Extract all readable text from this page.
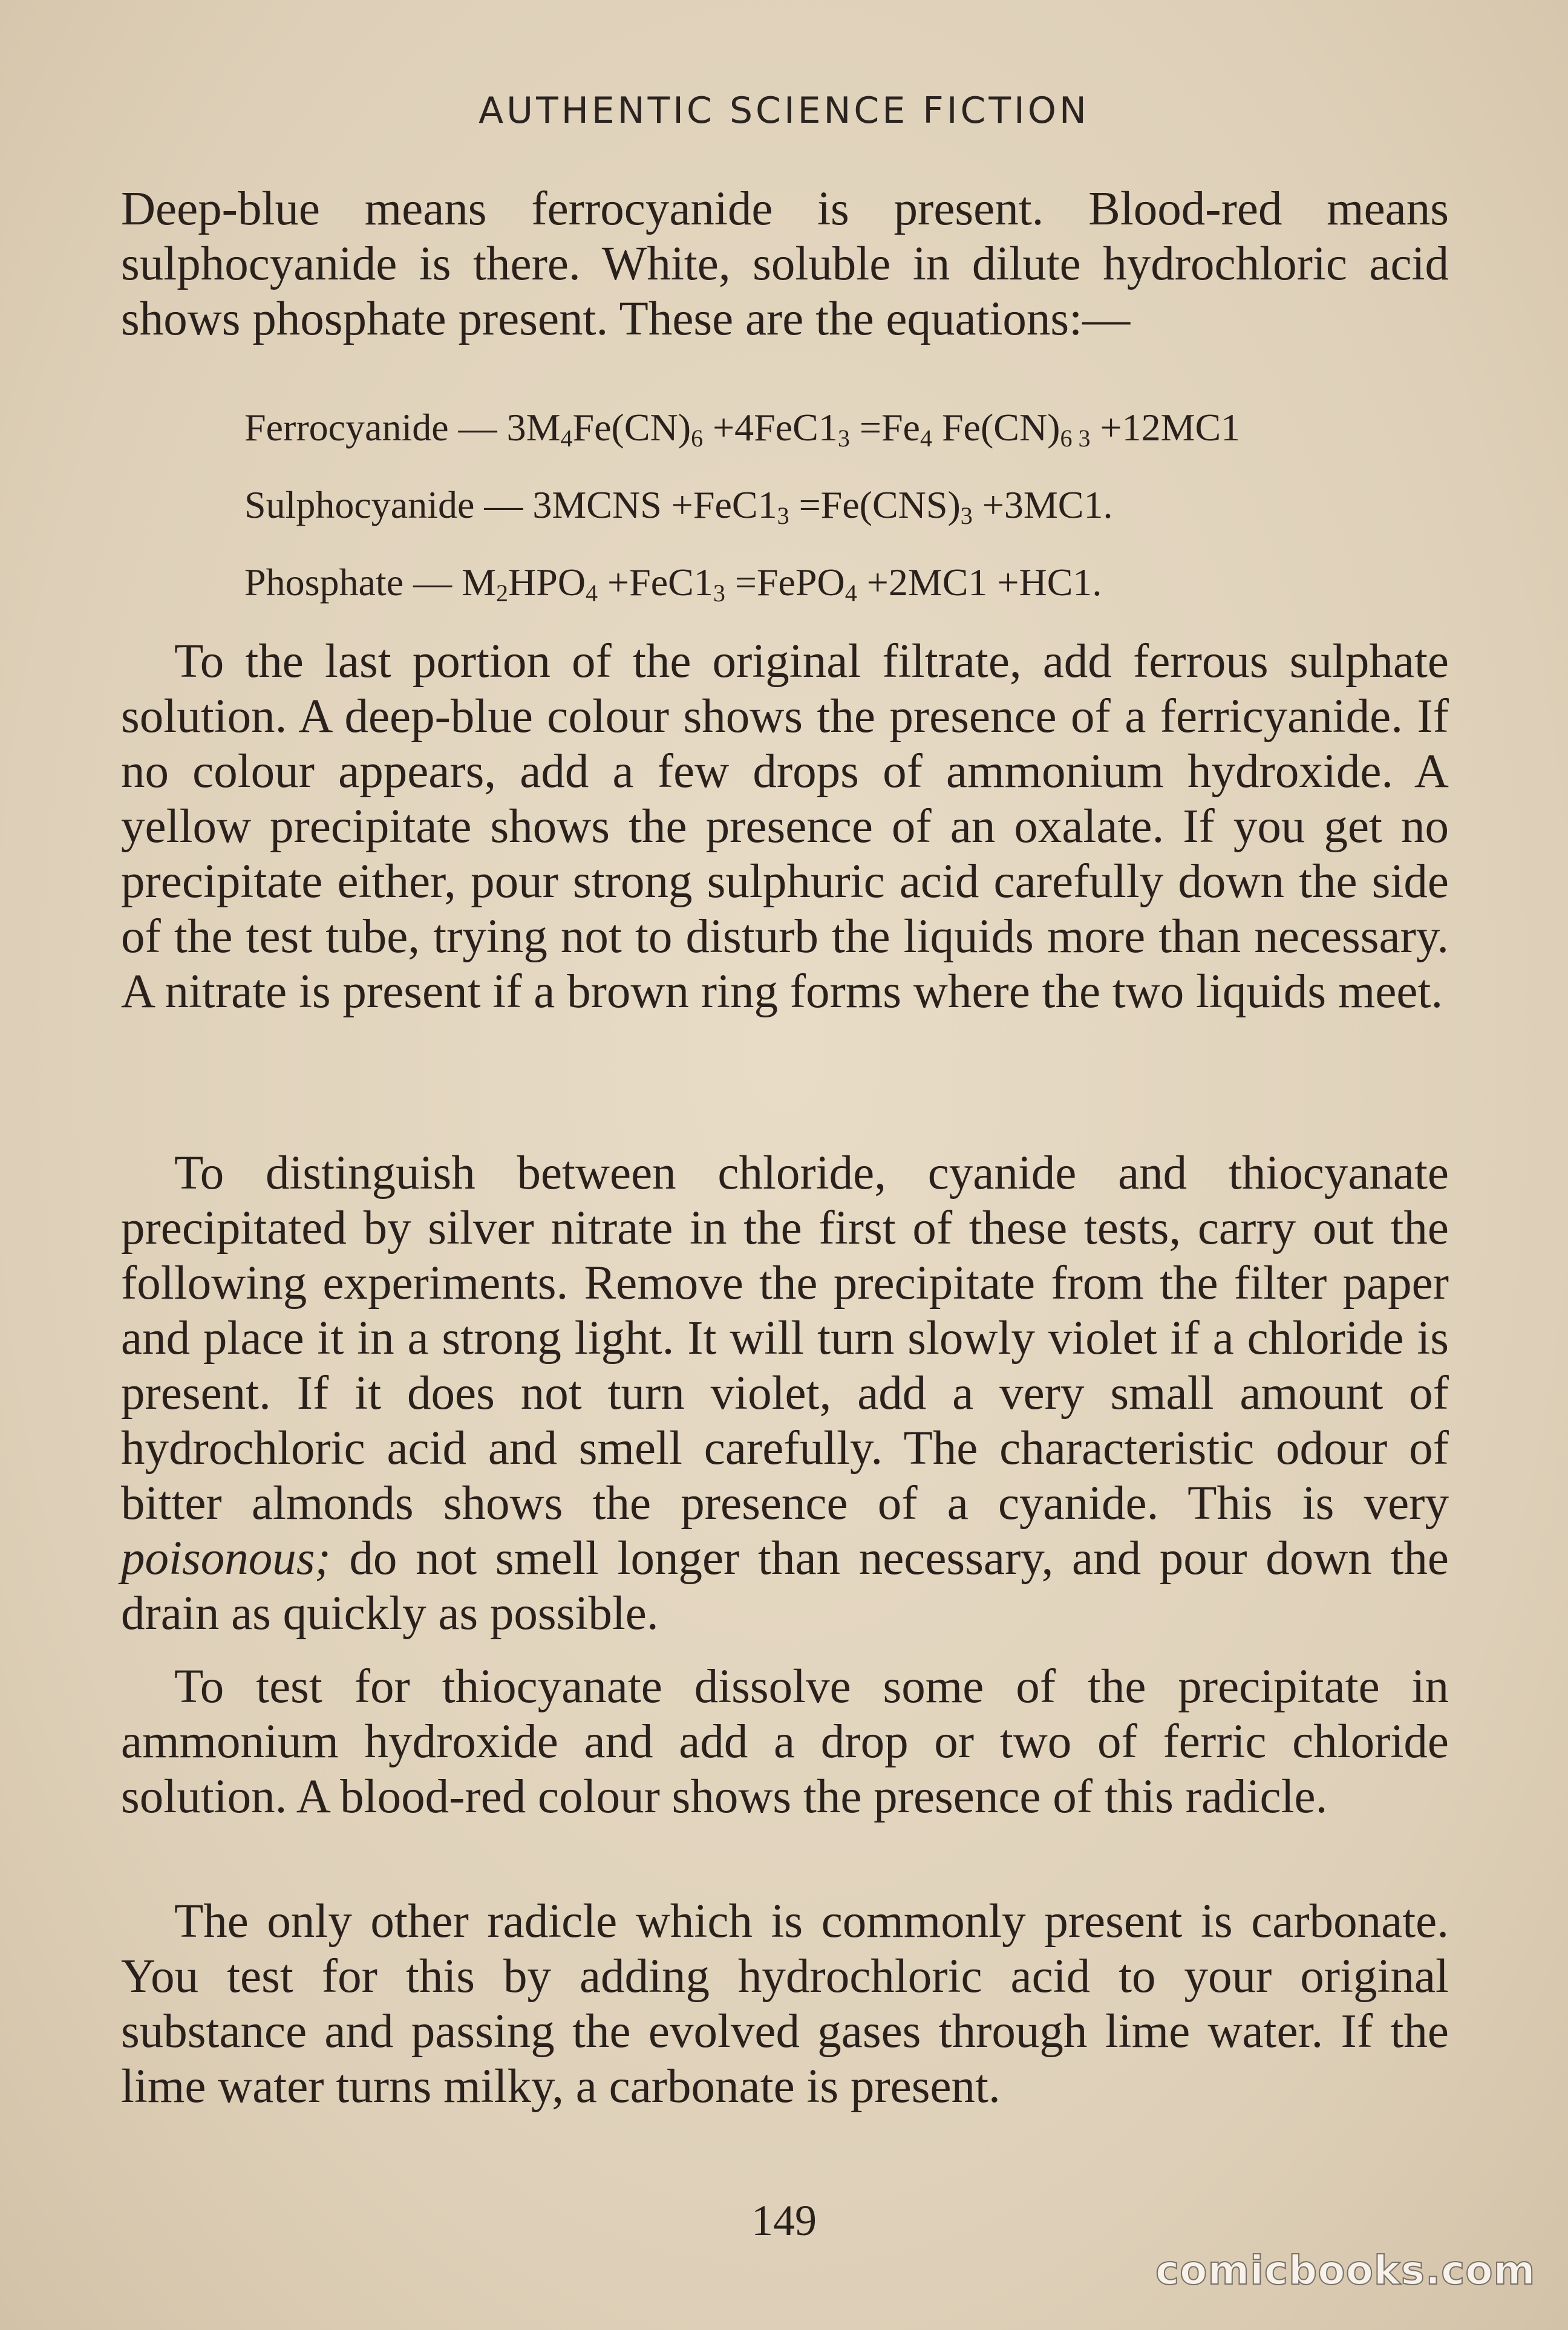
AUTHENTIC SCIENCE FICTION

Deep-blue means ferrocyanide is present. Blood-red means sulphocyanide is there. White, soluble in dilute hydrochloric acid shows phosphate present. These are the equations:—

Ferrocyanide — $3M_4Fe(CN)_6 +4FeC1_3 =Fe_4$ $Fe(CN)_{6 3} +12MC1$
Sulphocyanide — 3MCNS $+FeC1_3 =Fe(CNS)_3 +3MC1$.
Phosphate — $M_2HPO_4 +FeC1_3$ =FePO$_4$ +2MC1 +HC1.

To the last portion of the original filtrate, add ferrous sulphate solution. A deep-blue colour shows the presence of a ferricyanide. If no colour appears, add a few drops of ammonium hydroxide. A yellow precipitate shows the presence of an oxalate. If you get no precipitate either, pour strong sulphuric acid carefully down the side of the test tube, trying not to disturb the liquids more than necessary. A nitrate is present if a brown ring forms where the two liquids meet.

To distinguish between chloride, cyanide and thiocyanate precipitated by silver nitrate in the first of these tests, carry out the following experiments. Remove the precipitate from the filter paper and place it in a strong light. It will turn slowly violet if a chloride is present. If it does not turn violet, add a very small amount of hydrochloric acid and smell carefully. The characteristic odour of bitter almonds shows the presence of a cyanide. This is very poisonous; do not smell longer than necessary, and pour down the drain as quickly as possible.

To test for thiocyanate dissolve some of the precipitate in ammonium hydroxide and add a drop or two of ferric chloride solution. A blood-red colour shows the presence of this radicle.

The only other radicle which is commonly present is carbonate. You test for this by adding hydrochloric acid to your original substance and passing the evolved gases through lime water. If the lime water turns milky, a carbonate is present.

149
comicbooks.com
